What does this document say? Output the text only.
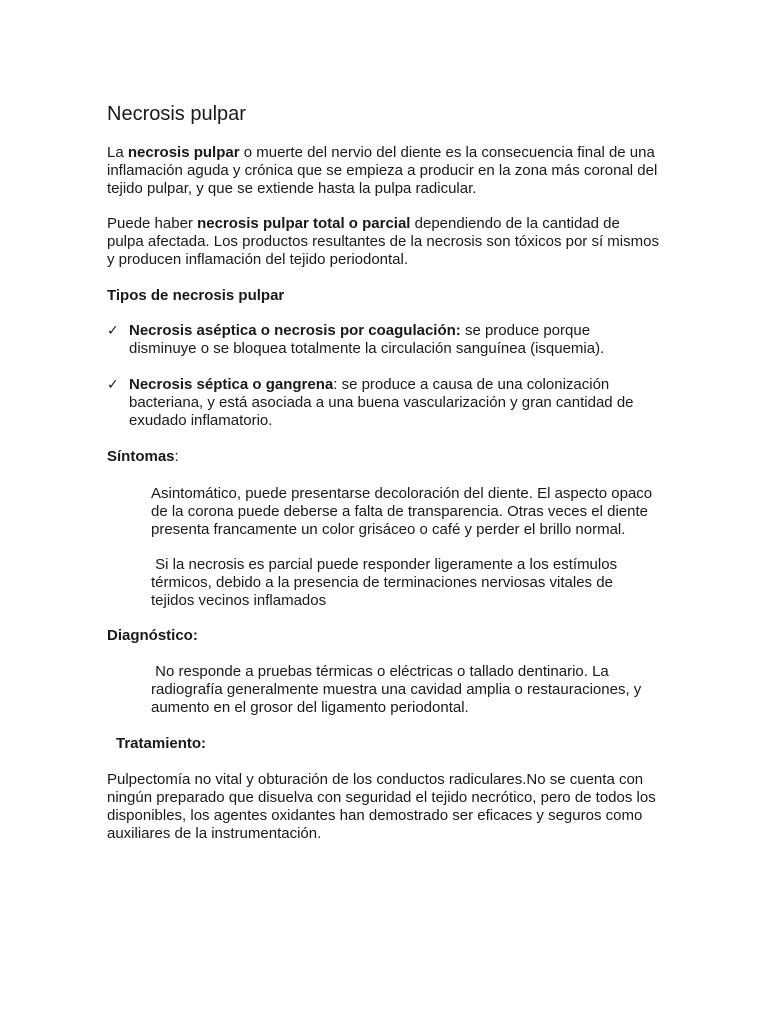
Necrosis pulpar

La necrosis pulpar o muerte del nervio del diente es la consecuencia final de una
inflamación aguda y crónica que se empieza a producir en la zona más coronal del
tejido pulpar, y que se extiende hasta la pulpa radicular.

Puede haber necrosis pulpar total o parcial dependiendo de la cantidad de
pulpa afectada. Los productos resultantes de la necrosis son tóxicos por sí mismos
y producen inflamación del tejido periodontal.

Tipos de necrosis pulpar

✓ Necrosis aséptica o necrosis por coagulación: se produce porque
disminuye o se bloquea totalmente la circulación sanguínea (isquemia).
✓ Necrosis séptica o gangrena: se produce a causa de una colonización
bacteriana, y está asociada a una buena vascularización y gran cantidad de
exudado inflamatorio.

Síntomas:

Asintomático, puede presentarse decoloración del diente. El aspecto opaco
de la corona puede deberse a falta de transparencia. Otras veces el diente
presenta francamente un color grisáceo o café y perder el brillo normal.

Si la necrosis es parcial puede responder ligeramente a los estímulos
térmicos, debido a la presencia de terminaciones nerviosas vitales de
tejidos vecinos inflamados

Diagnóstico:

No responde a pruebas térmicas o eléctricas o tallado dentinario. La
radiografía generalmente muestra una cavidad amplia o restauraciones, y
aumento en el grosor del ligamento periodontal.

Tratamiento:

Pulpectomía no vital y obturación de los conductos radiculares.No se cuenta con
ningún preparado que disuelva con seguridad el tejido necrótico, pero de todos los
disponibles, los agentes oxidantes han demostrado ser eficaces y seguros como
auxiliares de la instrumentación.
